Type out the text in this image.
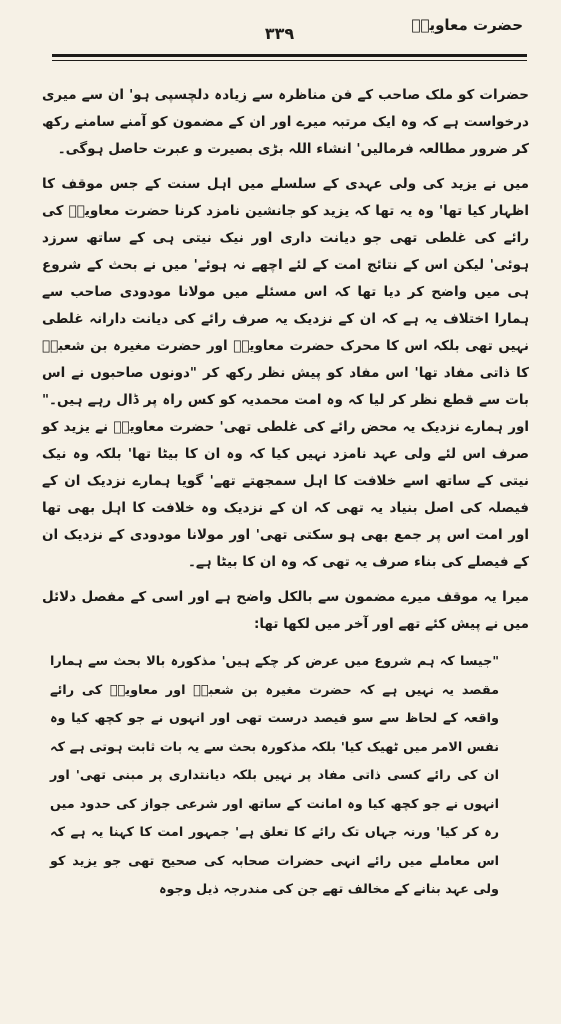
۳۳۹	حضرت معاویہؓ

حضرات کو ملک صاحب کے فن مناظرہ سے زیادہ دلچسپی ہو' ان سے میری درخواست ہے کہ وہ ایک مرتبہ میرے اور ان کے مضمون کو آمنے سامنے رکھ کر ضرور مطالعہ فرمالیں' انشاء اللہ بڑی بصیرت و عبرت حاصل ہوگی۔

میں نے یزید کی ولی عہدی کے سلسلے میں اہل سنت کے جس موقف کا اظہار کیا تھا' وہ یہ تھا کہ یزید کو جانشین نامزد کرنا حضرت معاویہؓ کی رائے کی غلطی تھی جو دیانت داری اور نیک نیتی ہی کے ساتھ سرزد ہوئی' لیکن اس کے نتائج امت کے لئے اچھے نہ ہوئے' میں نے بحث کے شروع ہی میں واضح کر دیا تھا کہ اس مسئلے میں مولانا مودودی صاحب سے ہمارا اختلاف یہ ہے کہ ان کے نزدیک یہ صرف رائے کی دیانت دارانہ غلطی نہیں تھی بلکہ اس کا محرک حضرت معاویہؓ اور حضرت مغیرہ بن شعبہؓ کا ذاتی مفاد تھا' اس مفاد کو پیش نظر رکھ کر "دونوں صاحبوں نے اس بات سے قطع نظر کر لیا کہ وہ امت محمدیہ کو کس راہ پر ڈال رہے ہیں۔" اور ہمارے نزدیک یہ محض رائے کی غلطی تھی' حضرت معاویہؓ نے یزید کو صرف اس لئے ولی عہد نامزد نہیں کیا کہ وہ ان کا بیٹا تھا' بلکہ وہ نیک نیتی کے ساتھ اسے خلافت کا اہل سمجھتے تھے' گویا ہمارے نزدیک ان کے فیصلہ کی اصل بنیاد یہ تھی کہ ان کے نزدیک وہ خلافت کا اہل بھی تھا اور امت اس پر جمع بھی ہو سکتی تھی' اور مولانا مودودی کے نزدیک ان کے فیصلے کی بناء صرف یہ تھی کہ وہ ان کا بیٹا ہے۔

میرا یہ موقف میرے مضمون سے بالکل واضح ہے اور اسی کے مفصل دلائل میں نے پیش کئے تھے اور آخر میں لکھا تھا:

"جیسا کہ ہم شروع میں عرض کر چکے ہیں' مذکورہ بالا بحث سے ہمارا مقصد یہ نہیں ہے کہ حضرت مغیرہ بن شعبہؓ اور معاویہؓ کی رائے واقعہ کے لحاظ سے سو فیصد درست تھی اور انہوں نے جو کچھ کیا وہ نفس الامر میں ٹھیک کیا' بلکہ مذکورہ بحث سے یہ بات ثابت ہوتی ہے کہ ان کی رائے کسی ذاتی مفاد پر نہیں بلکہ دیانتداری پر مبنی تھی' اور انہوں نے جو کچھ کیا وہ امانت کے ساتھ اور شرعی جواز کی حدود میں رہ کر کیا' ورنہ جہاں تک رائے کا تعلق ہے' جمہور امت کا کہنا یہ ہے کہ اس معاملے میں رائے انہی حضرات صحابہ کی صحیح تھی جو یزید کو ولی عہد بنانے کے مخالف تھے جن کی مندرجہ ذیل وجوہ
